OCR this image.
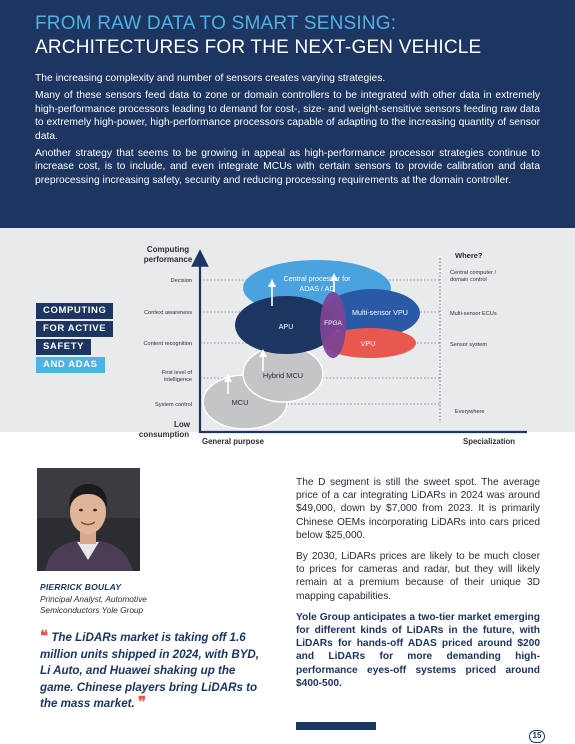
FROM RAW DATA TO SMART SENSING:
ARCHITECTURES FOR THE NEXT-GEN VEHICLE

The increasing complexity and number of sensors creates varying strategies.

Many of these sensors feed data to zone or domain controllers to be integrated with other data in extremely high-performance processors leading to demand for cost-, size- and weight-sensitive sensors feeding raw data to extremely high-power, high-performance processors capable of adapting to the increasing quantity of sensor data.

Another strategy that seems to be growing in appeal as high-performance processor strategies continue to increase cost, is to include, and even integrate MCUs with certain sensors to provide calibration and data preprocessing increasing safety, security and reducing processing requirements at the domain controller.

COMPUTING
FOR ACTIVE
SAFETY
AND ADAS
Computing
performance
Decision
Context awareness
Content recognition
First level of
intelligence
System control
Central processor for
ADAS / AD
Multi-sensor VPU
APU	FPGA
VPU
Hybrid MCU
MCU
Where?
Central computer /
domain control
Multi-sensor ECUs
Sensor system
Everywhere
Low
consumption
General purpose	Specialization
PIERRICK BOULAY
Principal Analyst, Automotive
Semiconductors Yole Group
❝ The LiDARs market is taking off 1.6 million units shipped in 2024, with BYD, Li Auto, and Huawei shaking up the game. Chinese players bring LiDARs to the mass market. ❞

The D segment is still the sweet spot. The average price of a car integrating LiDARs in 2024 was around $49,000, down by $7,000 from 2023. It is primarily Chinese OEMs incorporating LiDARs into cars priced below $25,000.

By 2030, LiDARs prices are likely to be much closer to prices for cameras and radar, but they will likely remain at a premium because of their unique 3D mapping capabilities.

Yole Group anticipates a two-tier market emerging for different kinds of LiDARs in the future, with LiDARs for hands-off ADAS priced around $200 and LiDARs for more demanding high-performance eyes-off systems priced around $400-500.

15
